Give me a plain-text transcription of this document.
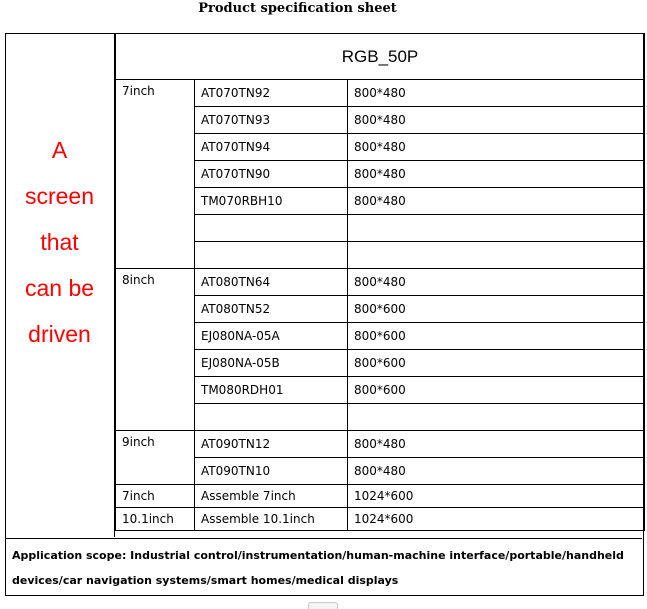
Product specification sheet
A
screen
that
can be
driven
RGB_50P		
7inch	AT070TN92	800*480
	AT070TN93	800*480
	AT070TN94	800*480
	AT070TN90	800*480
	TM070RBH10	800*480

8inch	AT080TN64	800*480
	AT080TN52	800*600
	EJ080NA-05A	800*600
	EJ080NA-05B	800*600
	TM080RDH01	800*600

9inch	AT090TN12	800*480
	AT090TN10	800*480
7inch	Assemble 7inch	1024*600
10.1inch	Assemble 10.1inch	1024*600
Application scope: Industrial control/instrumentation/human-machine interface/portable/handheld devices/car navigation systems/smart homes/medical displays
